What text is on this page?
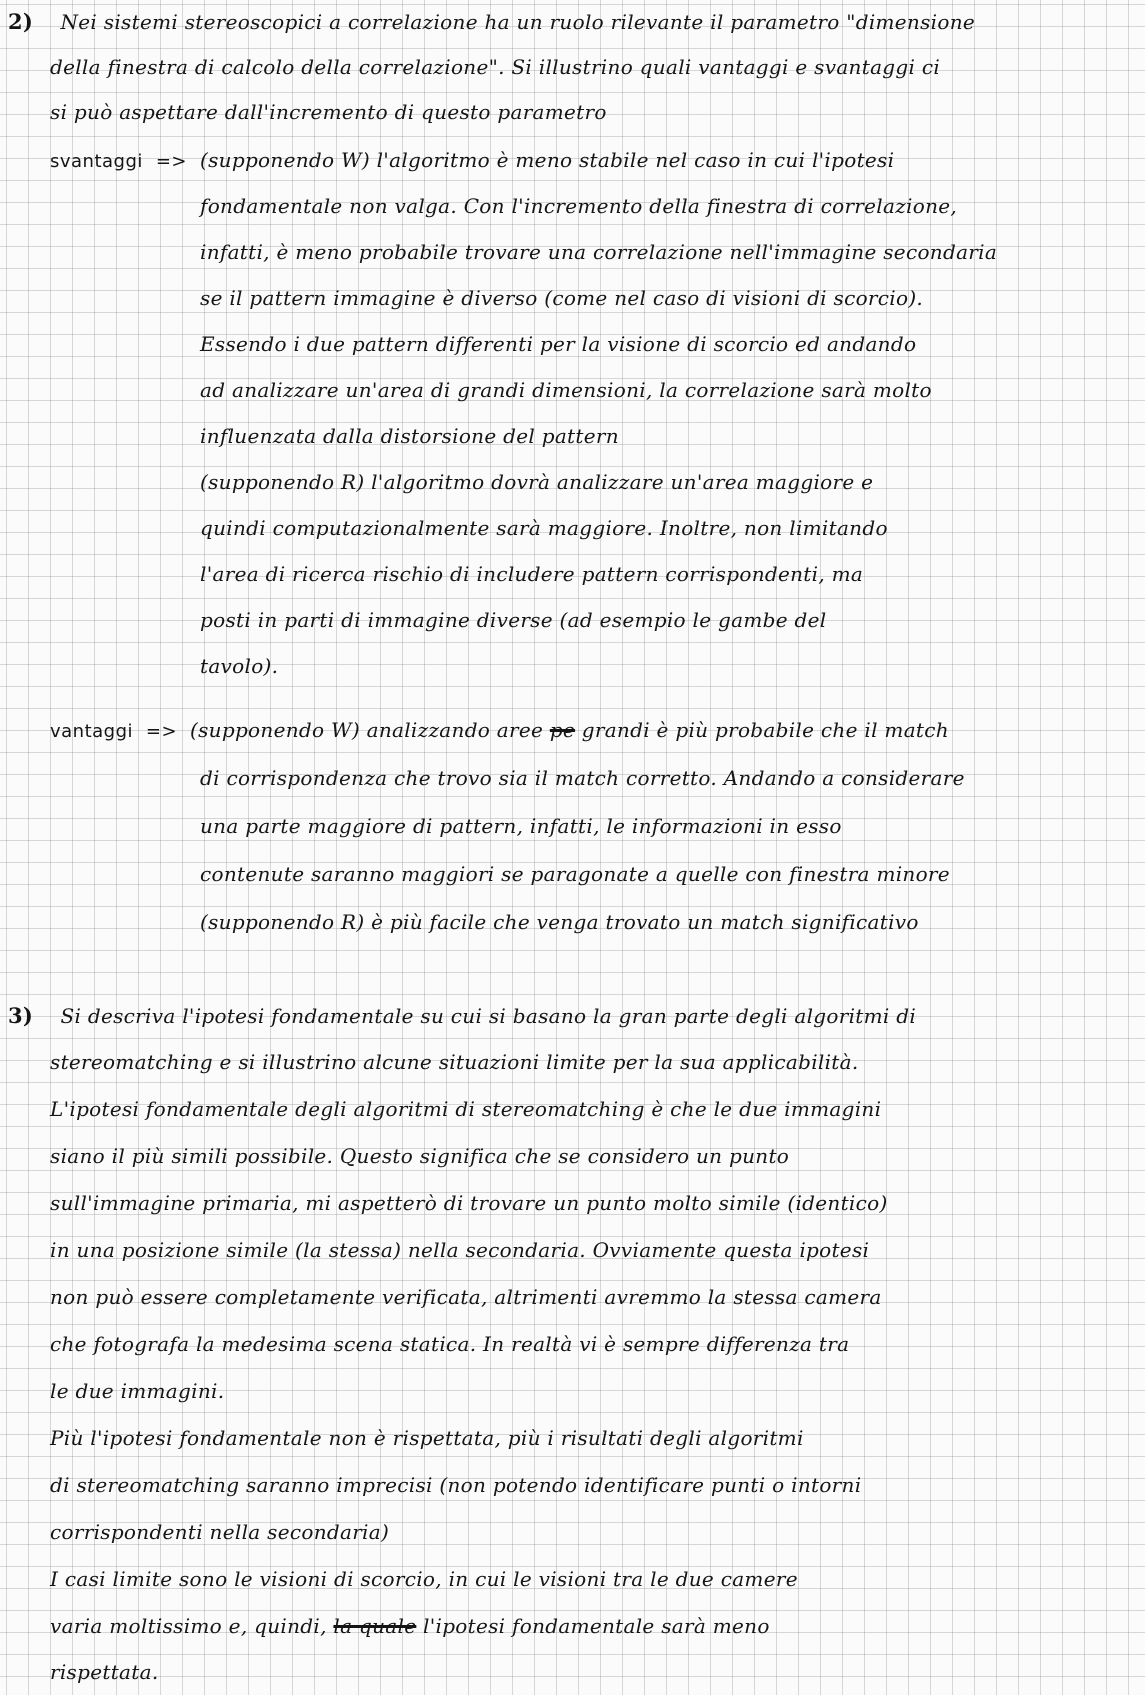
2) Nei sistemi stereoscopici a correlazione ha un ruolo rilevante il parametro "dimensione
della finestra di calcolo della correlazione". Si illustrino quali vantaggi e svantaggi ci
si può aspettare dall'incremento di questo parametro
svantaggi  => (supponendo W) l'algoritmo è meno stabile nel caso in cui l'ipotesi
fondamentale non valga. Con l'incremento della finestra di correlazione,
infatti, è meno probabile trovare una correlazione nell'immagine secondaria
se il pattern immagine è diverso (come nel caso di visioni di scorcio).
Essendo i due pattern differenti per la visione di scorcio ed andando
ad analizzare un'area di grandi dimensioni, la correlazione sarà molto
influenzata dalla distorsione del pattern
(supponendo R) l'algoritmo dovrà analizzare un'area maggiore e
quindi computazionalmente sarà maggiore. Inoltre, non limitando
l'area di ricerca rischio di includere pattern corrispondenti, ma
posti in parti di immagine diverse (ad esempio le gambe del
tavolo).
vantaggi  => (supponendo W) analizzando aree pe grandi è più probabile che il match
di corrispondenza che trovo sia il match corretto. Andando a considerare
una parte maggiore di pattern, infatti, le informazioni in esso
contenute saranno maggiori se paragonate a quelle con finestra minore
(supponendo R) è più facile che venga trovato un match significativo
3) Si descriva l'ipotesi fondamentale su cui si basano la gran parte degli algoritmi di
stereomatching e si illustrino alcune situazioni limite per la sua applicabilità.
L'ipotesi fondamentale degli algoritmi di stereomatching è che le due immagini
siano il più simili possibile. Questo significa che se considero un punto
sull'immagine primaria, mi aspetterò di trovare un punto molto simile (identico)
in una posizione simile (la stessa) nella secondaria. Ovviamente questa ipotesi
non può essere completamente verificata, altrimenti avremmo la stessa camera
che fotografa la medesima scena statica. In realtà vi è sempre differenza tra
le due immagini.
Più l'ipotesi fondamentale non è rispettata, più i risultati degli algoritmi
di stereomatching saranno imprecisi (non potendo identificare punti o intorni
corrispondenti nella secondaria)
I casi limite sono le visioni di scorcio, in cui le visioni tra le due camere
varia moltissimo e, quindi, la quale l'ipotesi fondamentale sarà meno
rispettata.
